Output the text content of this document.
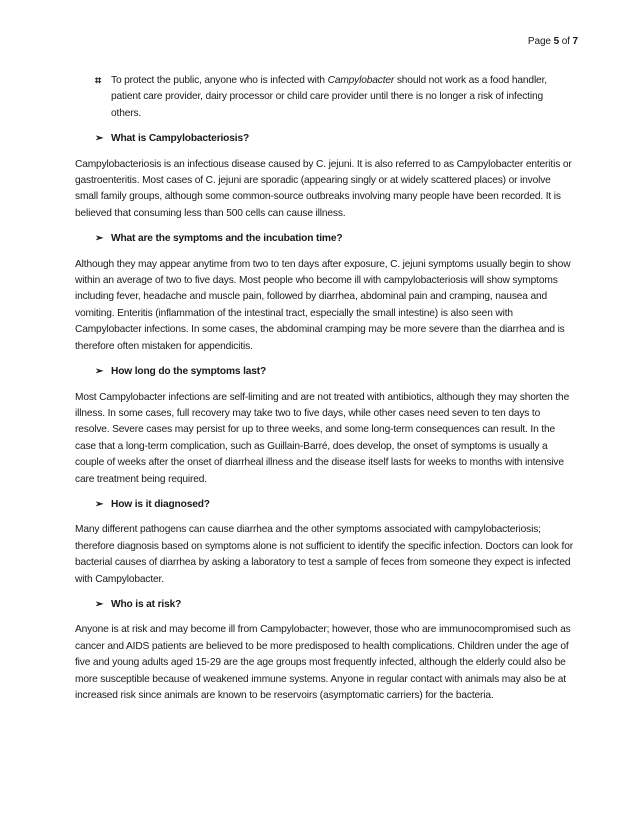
Page 5 of 7
⌗ To protect the public, anyone who is infected with Campylobacter should not work as a food handler, patient care provider, dairy processor or child care provider until there is no longer a risk of infecting others.
➢ What is Campylobacteriosis?

Campylobacteriosis is an infectious disease caused by C. jejuni. It is also referred to as Campylobacter enteritis or gastroenteritis. Most cases of C. jejuni are sporadic (appearing singly or at widely scattered places) or involve small family groups, although some common-source outbreaks involving many people have been recorded. It is believed that consuming less than 500 cells can cause illness.

➢ What are the symptoms and the incubation time?

Although they may appear anytime from two to ten days after exposure, C. jejuni symptoms usually begin to show within an average of two to five days. Most people who become ill with campylobacteriosis will show symptoms including fever, headache and muscle pain, followed by diarrhea, abdominal pain and cramping, nausea and vomiting. Enteritis (inflammation of the intestinal tract, especially the small intestine) is also seen with Campylobacter infections. In some cases, the abdominal cramping may be more severe than the diarrhea and is therefore often mistaken for appendicitis.

➢ How long do the symptoms last?

Most Campylobacter infections are self-limiting and are not treated with antibiotics, although they may shorten the illness. In some cases, full recovery may take two to five days, while other cases need seven to ten days to resolve. Severe cases may persist for up to three weeks, and some long-term consequences can result. In the case that a long-term complication, such as Guillain-Barré, does develop, the onset of symptoms is usually a couple of weeks after the onset of diarrheal illness and the disease itself lasts for weeks to months with intensive care treatment being required.

➢ How is it diagnosed?

Many different pathogens can cause diarrhea and the other symptoms associated with campylobacteriosis; therefore diagnosis based on symptoms alone is not sufficient to identify the specific infection. Doctors can look for bacterial causes of diarrhea by asking a laboratory to test a sample of feces from someone they expect is infected with Campylobacter.

➢ Who is at risk?

Anyone is at risk and may become ill from Campylobacter; however, those who are immunocompromised such as cancer and AIDS patients are believed to be more predisposed to health complications. Children under the age of five and young adults aged 15-29 are the age groups most frequently infected, although the elderly could also be more susceptible because of weakened immune systems. Anyone in regular contact with animals may also be at increased risk since animals are known to be reservoirs (asymptomatic carriers) for the bacteria.
